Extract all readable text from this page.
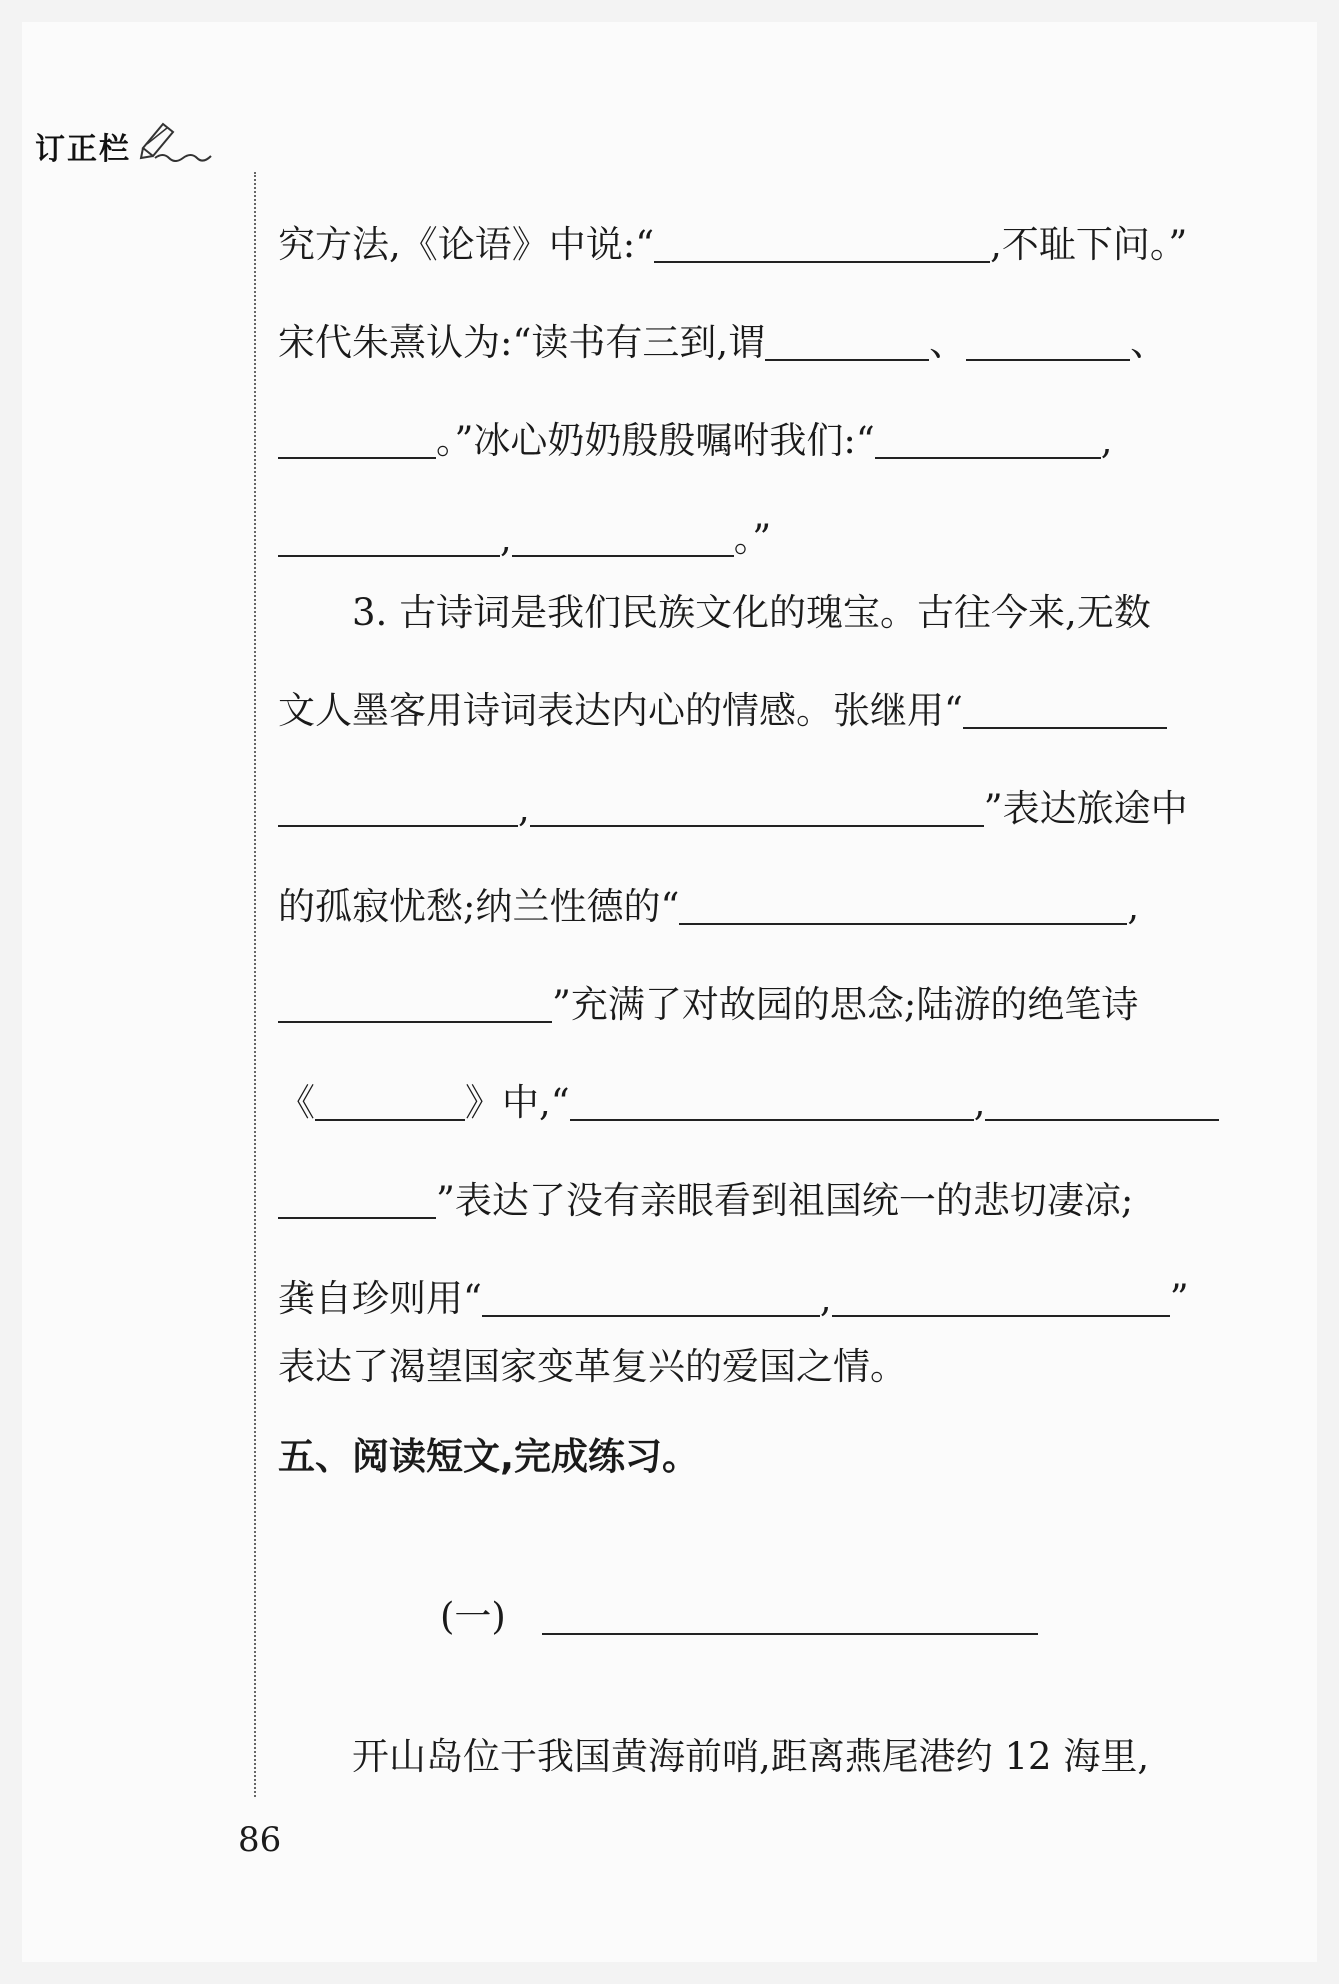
订正栏
究方法,《论语》中说:“	,不耻下问。”
宋代朱熹认为:“读书有三到,谓	、	、
。”冰心奶奶殷殷嘱咐我们:“	,
,	。”
3. 古诗词是我们民族文化的瑰宝。古往今来,无数
文人墨客用诗词表达内心的情感。张继用“
,	”表达旅途中
的孤寂忧愁;纳兰性德的“	,
”充满了对故园的思念;陆游的绝笔诗
《	》中,“	,
”表达了没有亲眼看到祖国统一的悲切凄凉;
龚自珍则用“	,	”
表达了渴望国家变革复兴的爱国之情。
五、阅读短文,完成练习。
(一)
开山岛位于我国黄海前哨,距离燕尾港约 12 海里,
86
